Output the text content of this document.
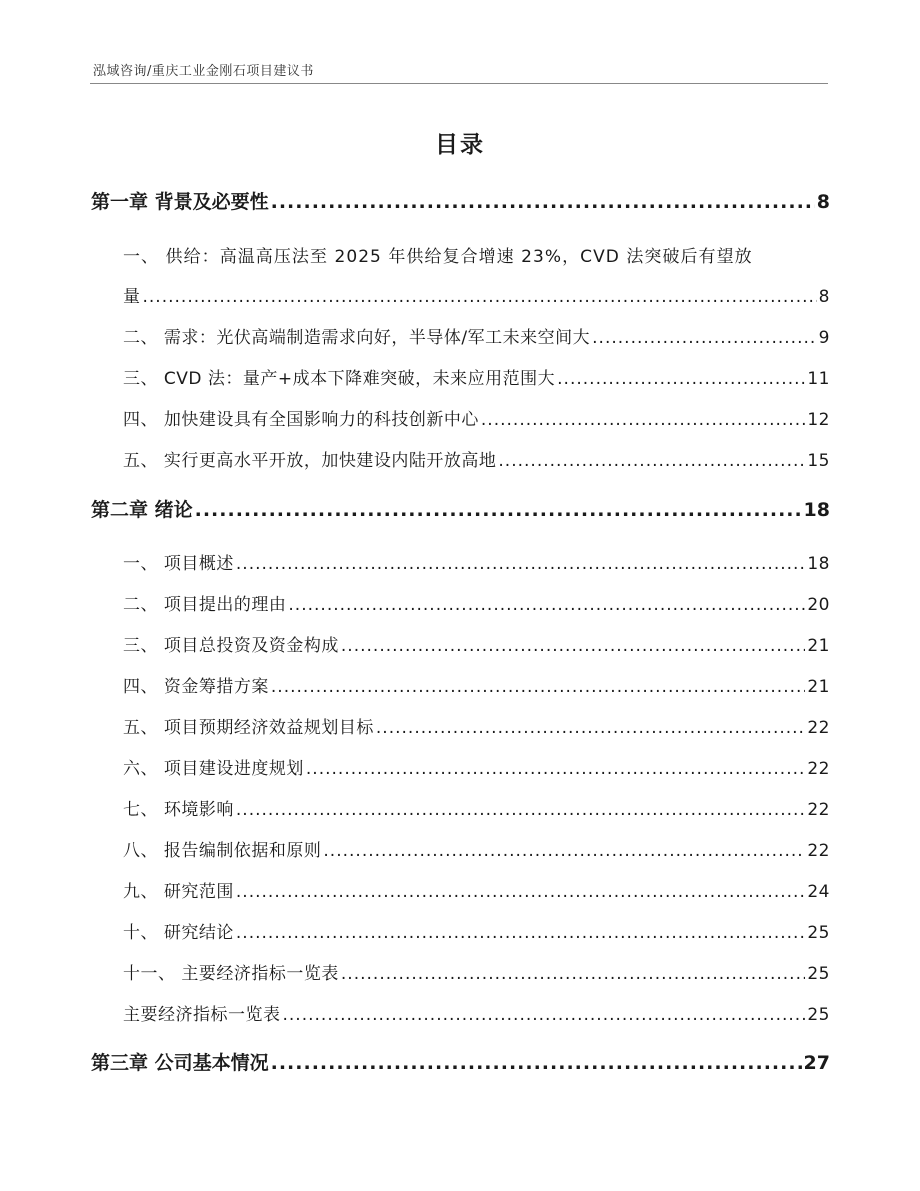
泓域咨询/重庆工业金刚石项目建议书
目录
第一章 背景及必要性 .....	8
一、 供给：高温高压法至 2025 年供给复合增速 23%，CVD 法突破后有望放
量 .....	8
二、 需求：光伏高端制造需求向好，半导体/军工未来空间大 .....	9
三、 CVD 法：量产+成本下降难突破，未来应用范围大 .....	11
四、 加快建设具有全国影响力的科技创新中心 .....	12
五、 实行更高水平开放，加快建设内陆开放高地 .....	15
第二章 绪论 .....	18
一、 项目概述 .....	18
二、 项目提出的理由 .....	20
三、 项目总投资及资金构成 .....	21
四、 资金筹措方案 .....	21
五、 项目预期经济效益规划目标 .....	22
六、 项目建设进度规划 .....	22
七、 环境影响 .....	22
八、 报告编制依据和原则 .....	22
九、 研究范围 .....	24
十、 研究结论 .....	25
十一、 主要经济指标一览表 .....	25
主要经济指标一览表 .....	25
第三章 公司基本情况 .....	27
